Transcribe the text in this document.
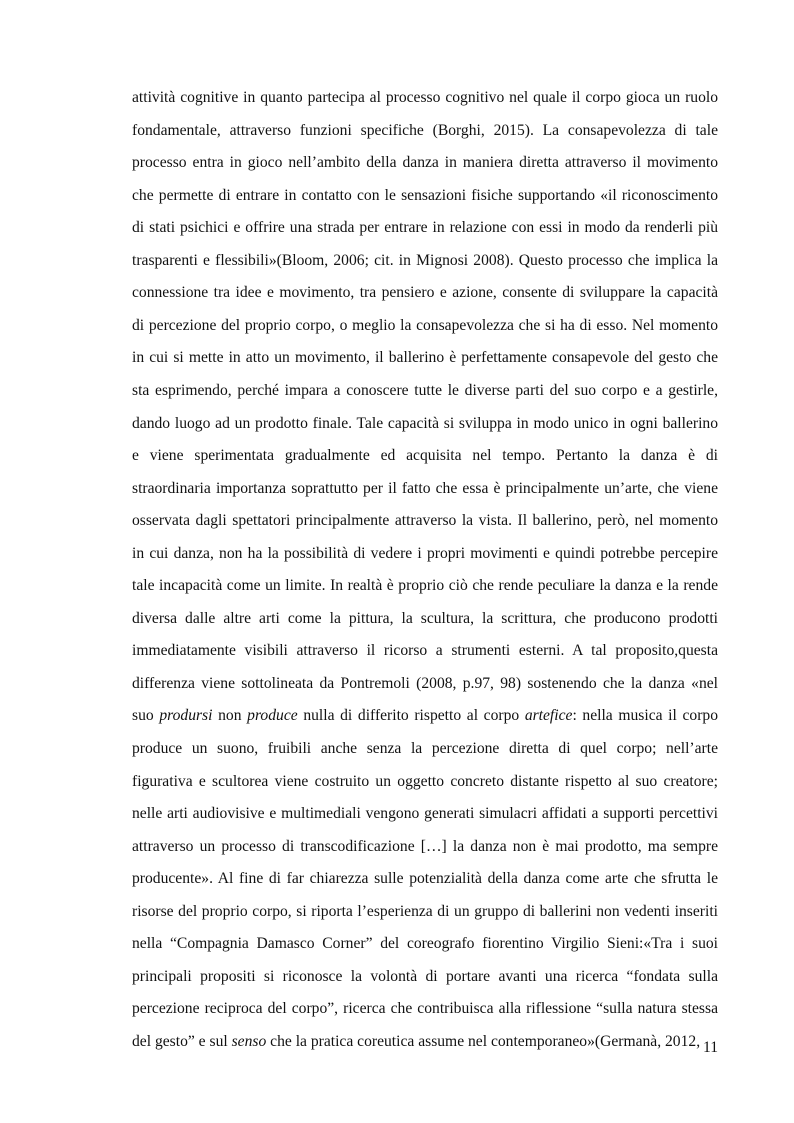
attività cognitive in quanto partecipa al processo cognitivo nel quale il corpo gioca un ruolo
fondamentale, attraverso funzioni specifiche (Borghi, 2015). La consapevolezza di tale
processo entra in gioco nell’ambito della danza in maniera diretta attraverso il movimento
che permette di entrare in contatto con le sensazioni fisiche supportando «il riconoscimento
di stati psichici e offrire una strada per entrare in relazione con essi in modo da renderli più
trasparenti e flessibili»(Bloom, 2006; cit. in Mignosi 2008). Questo processo che implica la
connessione tra idee e movimento, tra pensiero e azione, consente di sviluppare la capacità
di percezione del proprio corpo, o meglio la consapevolezza che si ha di esso. Nel momento
in cui si mette in atto un movimento, il ballerino è perfettamente consapevole del gesto che
sta esprimendo, perché impara a conoscere tutte le diverse parti del suo corpo e a gestirle,
dando luogo ad un prodotto finale. Tale capacità si sviluppa in modo unico in ogni ballerino
e viene sperimentata gradualmente ed acquisita nel tempo. Pertanto la danza è di
straordinaria importanza soprattutto per il fatto che essa è principalmente un’arte, che viene
osservata dagli spettatori principalmente attraverso la vista. Il ballerino, però, nel momento
in cui danza, non ha la possibilità di vedere i propri movimenti e quindi potrebbe percepire
tale incapacità come un limite. In realtà è proprio ciò che rende peculiare la danza e la rende
diversa dalle altre arti come la pittura, la scultura, la scrittura, che producono prodotti
immediatamente visibili attraverso il ricorso a strumenti esterni. A tal proposito,questa
differenza viene sottolineata da Pontremoli (2008, p.97, 98) sostenendo che la danza «nel
suo prodursi non produce nulla di differito rispetto al corpo artefice: nella musica il corpo
produce un suono, fruibili anche senza la percezione diretta di quel corpo; nell’arte
figurativa e scultorea viene costruito un oggetto concreto distante rispetto al suo creatore;
nelle arti audiovisive e multimediali vengono generati simulacri affidati a supporti percettivi
attraverso un processo di transcodificazione […] la danza non è mai prodotto, ma sempre
producente». Al fine di far chiarezza sulle potenzialità della danza come arte che sfrutta le
risorse del proprio corpo, si riporta l’esperienza di un gruppo di ballerini non vedenti inseriti
nella “Compagnia Damasco Corner” del coreografo fiorentino Virgilio Sieni:«Tra i suoi
principali propositi si riconosce la volontà di portare avanti una ricerca “fondata sulla
percezione reciproca del corpo”, ricerca che contribuisca alla riflessione “sulla natura stessa
del gesto” e sul senso che la pratica coreutica assume nel contemporaneo»(Germanà, 2012, 11
